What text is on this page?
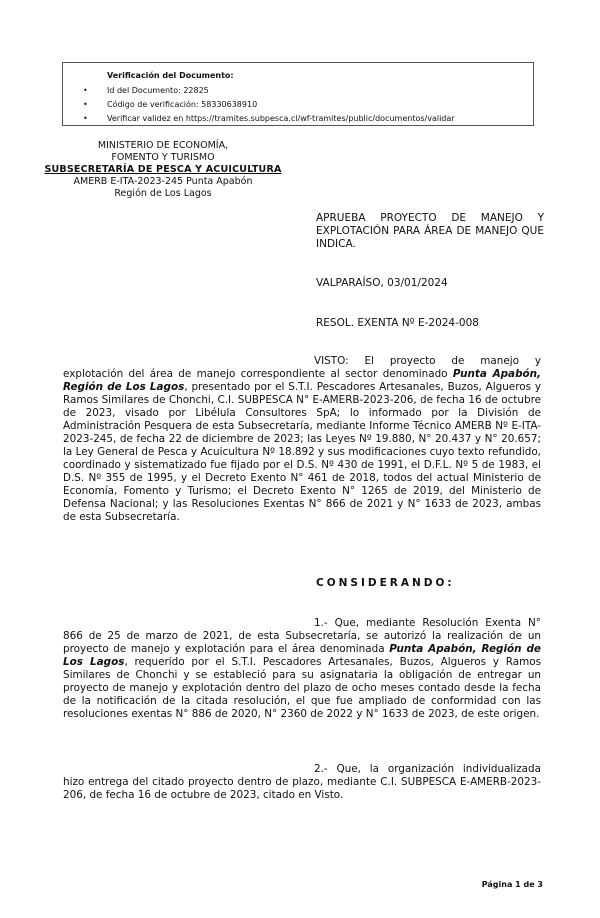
Verificación del Documento:
• Id del Documento: 22825
• Código de verificación: 58330638910
• Verificar validez en https://tramites.subpesca.cl/wf-tramites/public/documentos/validar
MINISTERIO DE ECONOMÍA,
FOMENTO Y TURISMO
SUBSECRETARÍA DE PESCA Y ACUICULTURA
AMERB E-ITA-2023-245 Punta Apabón
Región de Los Lagos
APRUEBA PROYECTO DE MANEJO Y EXPLOTACIÓN PARA ÁREA DE MANEJO QUE INDICA.
VALPARAÍSO, 03/01/2024
RESOL. EXENTA Nº E-2024-008
VISTO: El proyecto de manejo y explotación del área de manejo correspondiente al sector denominado Punta Apabón, Región de Los Lagos, presentado por el S.T.I. Pescadores Artesanales, Buzos, Algueros y Ramos Similares de Chonchi, C.I. SUBPESCA N° E-AMERB-2023-206, de fecha 16 de octubre de 2023, visado por Libélula Consultores SpA; lo informado por la División de Administración Pesquera de esta Subsecretaría, mediante Informe Técnico AMERB Nº E-ITA-2023-245, de fecha 22 de diciembre de 2023; las Leyes Nº 19.880, N° 20.437 y N° 20.657; la Ley General de Pesca y Acuicultura Nº 18.892 y sus modificaciones cuyo texto refundido, coordinado y sistematizado fue fijado por el D.S. Nº 430 de 1991, el D.F.L. Nº 5 de 1983, el D.S. Nº 355 de 1995, y el Decreto Exento N° 461 de 2018, todos del actual Ministerio de Economía, Fomento y Turismo; el Decreto Exento N° 1265 de 2019, del Ministerio de Defensa Nacional; y las Resoluciones Exentas N° 866 de 2021 y N° 1633 de 2023, ambas de esta Subsecretaría.
CONSIDERANDO:
1.- Que, mediante Resolución Exenta N° 866 de 25 de marzo de 2021, de esta Subsecretaría, se autorizó la realización de un proyecto de manejo y explotación para el área denominada Punta Apabón, Región de Los Lagos, requerido por el S.T.I. Pescadores Artesanales, Buzos, Algueros y Ramos Similares de Chonchi y se estableció para su asignataria la obligación de entregar un proyecto de manejo y explotación dentro del plazo de ocho meses contado desde la fecha de la notificación de la citada resolución, el que fue ampliado de conformidad con las resoluciones exentas N° 886 de 2020, N° 2360 de 2022 y N° 1633 de 2023, de este origen.
2.- Que, la organización individualizada hizo entrega del citado proyecto dentro de plazo, mediante C.I. SUBPESCA E-AMERB-2023-206, de fecha 16 de octubre de 2023, citado en Visto.
Página 1 de 3
